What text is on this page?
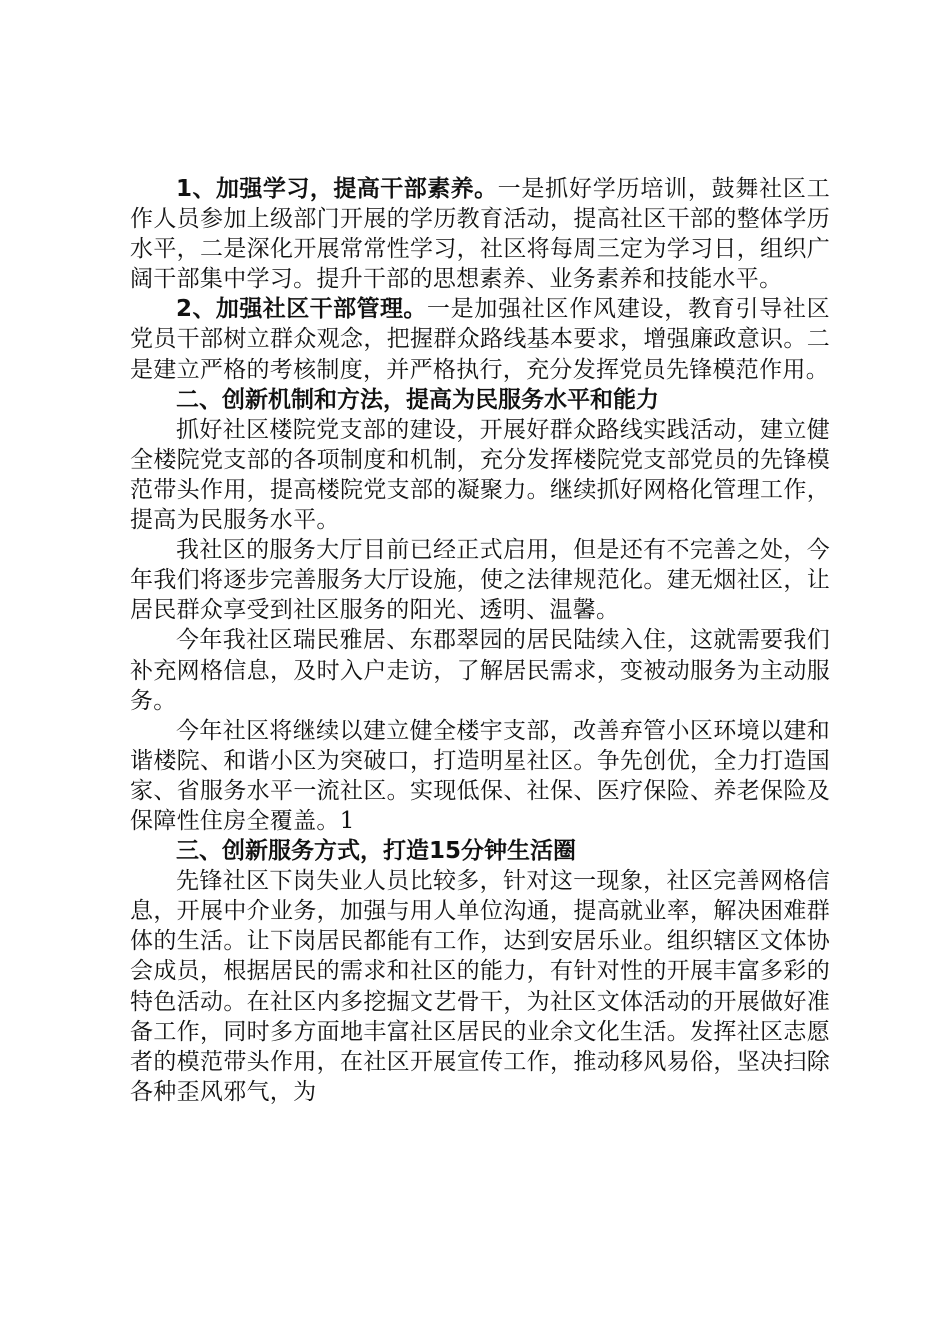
1、加强学习，提高干部素养。一是抓好学历培训，鼓舞社区工作人员参加上级部门开展的学历教育活动，提高社区干部的整体学历水平，二是深化开展常常性学习，社区将每周三定为学习日，组织广阔干部集中学习。提升干部的思想素养、业务素养和技能水平。

2、加强社区干部管理。一是加强社区作风建设，教育引导社区党员干部树立群众观念，把握群众路线基本要求，增强廉政意识。二是建立严格的考核制度，并严格执行，充分发挥党员先锋模范作用。

二、创新机制和方法，提高为民服务水平和能力

抓好社区楼院党支部的建设，开展好群众路线实践活动，建立健全楼院党支部的各项制度和机制，充分发挥楼院党支部党员的先锋模范带头作用，提高楼院党支部的凝聚力。继续抓好网格化管理工作，提高为民服务水平。

我社区的服务大厅目前已经正式启用，但是还有不完善之处，今年我们将逐步完善服务大厅设施，使之法律规范化。建无烟社区，让居民群众享受到社区服务的阳光、透明、温馨。

今年我社区瑞民雅居、东郡翠园的居民陆续入住，这就需要我们补充网格信息，及时入户走访，了解居民需求，变被动服务为主动服务。

今年社区将继续以建立健全楼宇支部，改善弃管小区环境以建和谐楼院、和谐小区为突破口，打造明星社区。争先创优，全力打造国家、省服务水平一流社区。实现低保、社保、医疗保险、养老保险及保障性住房全覆盖。1

三、创新服务方式，打造15分钟生活圈

先锋社区下岗失业人员比较多，针对这一现象，社区完善网格信息，开展中介业务，加强与用人单位沟通，提高就业率，解决困难群体的生活。让下岗居民都能有工作，达到安居乐业。组织辖区文体协会成员，根据居民的需求和社区的能力，有针对性的开展丰富多彩的特色活动。在社区内多挖掘文艺骨干，为社区文体活动的开展做好准备工作，同时多方面地丰富社区居民的业余文化生活。发挥社区志愿者的模范带头作用，在社区开展宣传工作，推动移风易俗，坚决扫除各种歪风邪气，为
